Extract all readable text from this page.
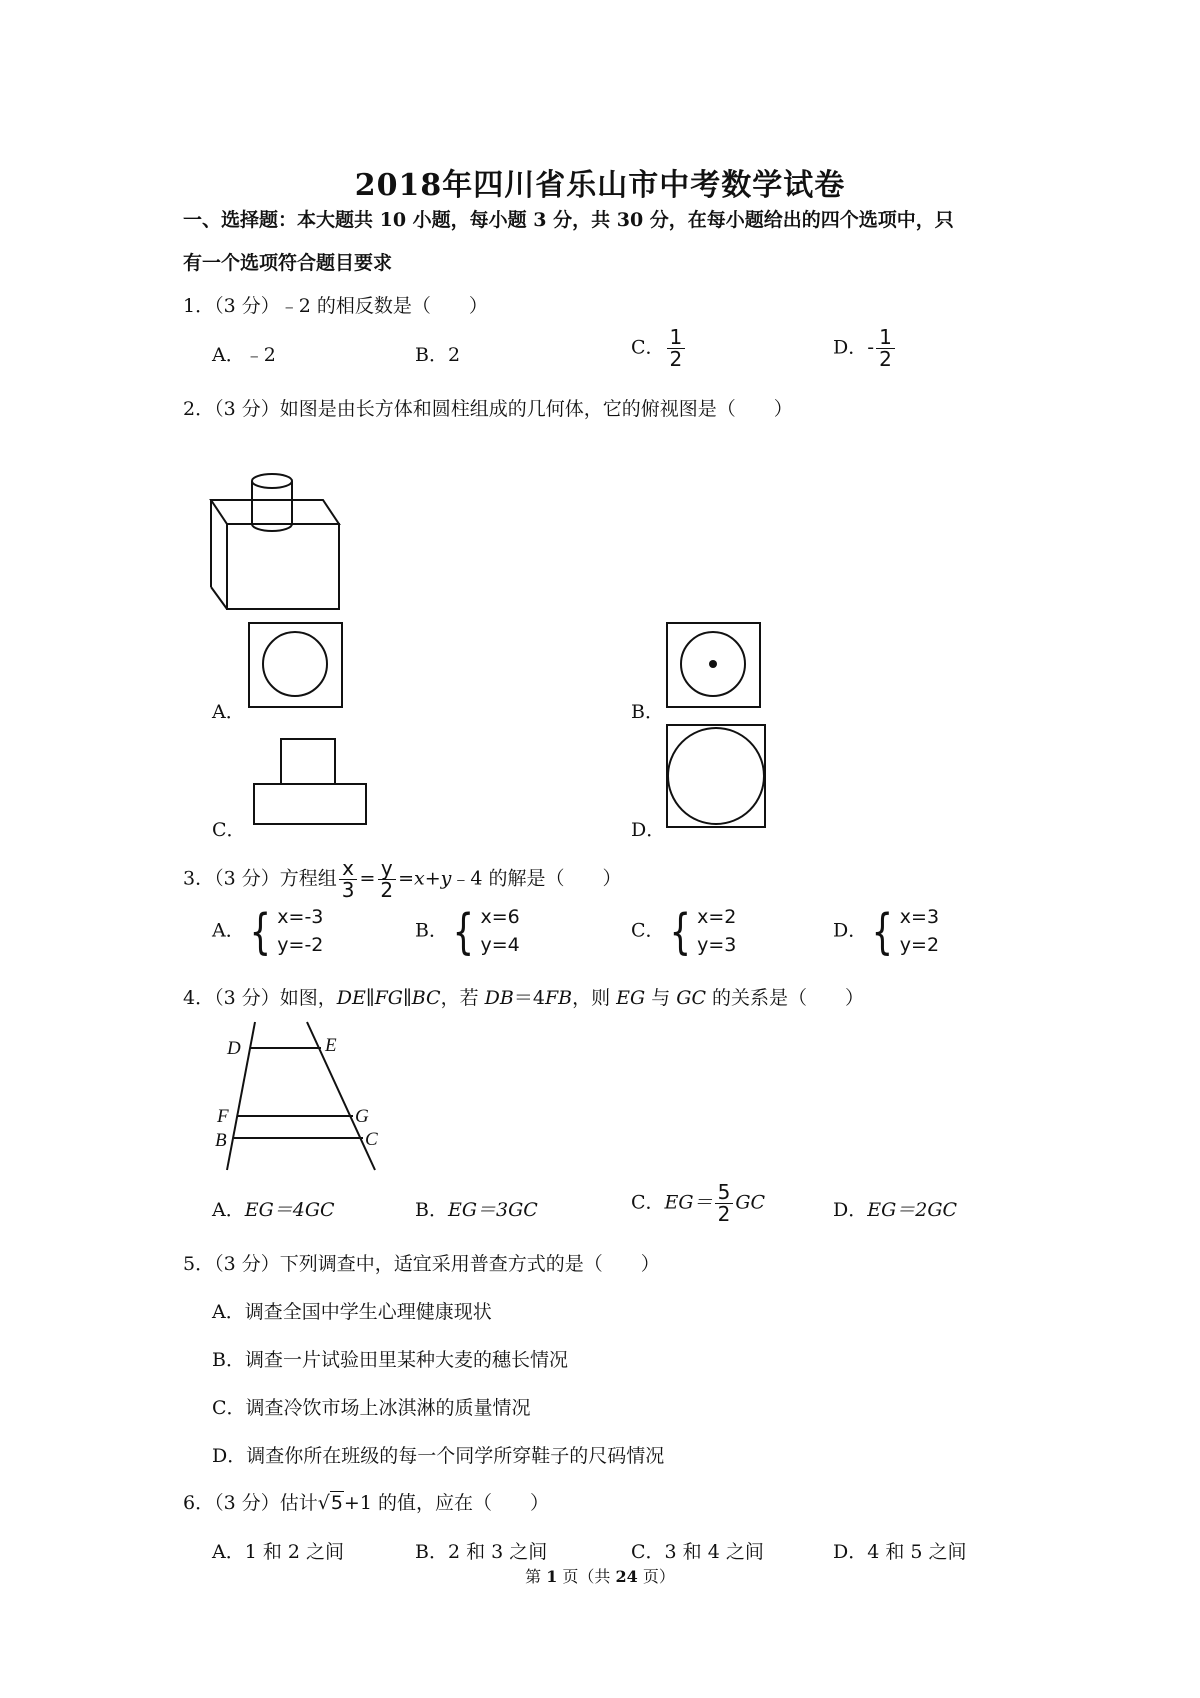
2018年四川省乐山市中考数学试卷
一、选择题：本大题共 10 小题，每小题 3 分，共 30 分，在每小题给出的四个选项中，只
有一个选项符合题目要求
1．（3 分）﹣2 的相反数是（　　）
A．﹣2	B．2	C． $\frac{1}{2}$	D．- $\frac{1}{2}$
2．（3 分）如图是由长方体和圆柱组成的几何体，它的俯视图是（　　）
A．	B．
C．	D．
3．（3 分）方程组 $\frac{x}{3} = \frac{y}{2}$ =x+y﹣4 的解是（　　）
A． { x=-3
y=-2
B． { x=6
y=4
C． { x=2
y=3
D． { x=3
y=2
4．（3 分）如图，DE∥FG∥BC，若 DB＝4FB，则 EG 与 GC 的关系是（　　）
D	E
F	G
B	C
A．EG＝4GC	B．EG＝3GC	C．$EG= \frac{5}{2}$ GC	D．EG＝2GC
5．（3 分）下列调查中，适宜采用普查方式的是（　　）
A．调查全国中学生心理健康现状
B．调查一片试验田里某种大麦的穗长情况
C．调查冷饮市场上冰淇淋的质量情况
D．调查你所在班级的每一个同学所穿鞋子的尺码情况
6．（3 分）估计√5+1 的值，应在（　　）
A．1 和 2 之间	B．2 和 3 之间	C．3 和 4 之间	D．4 和 5 之间
第 1 页（共 24 页）
